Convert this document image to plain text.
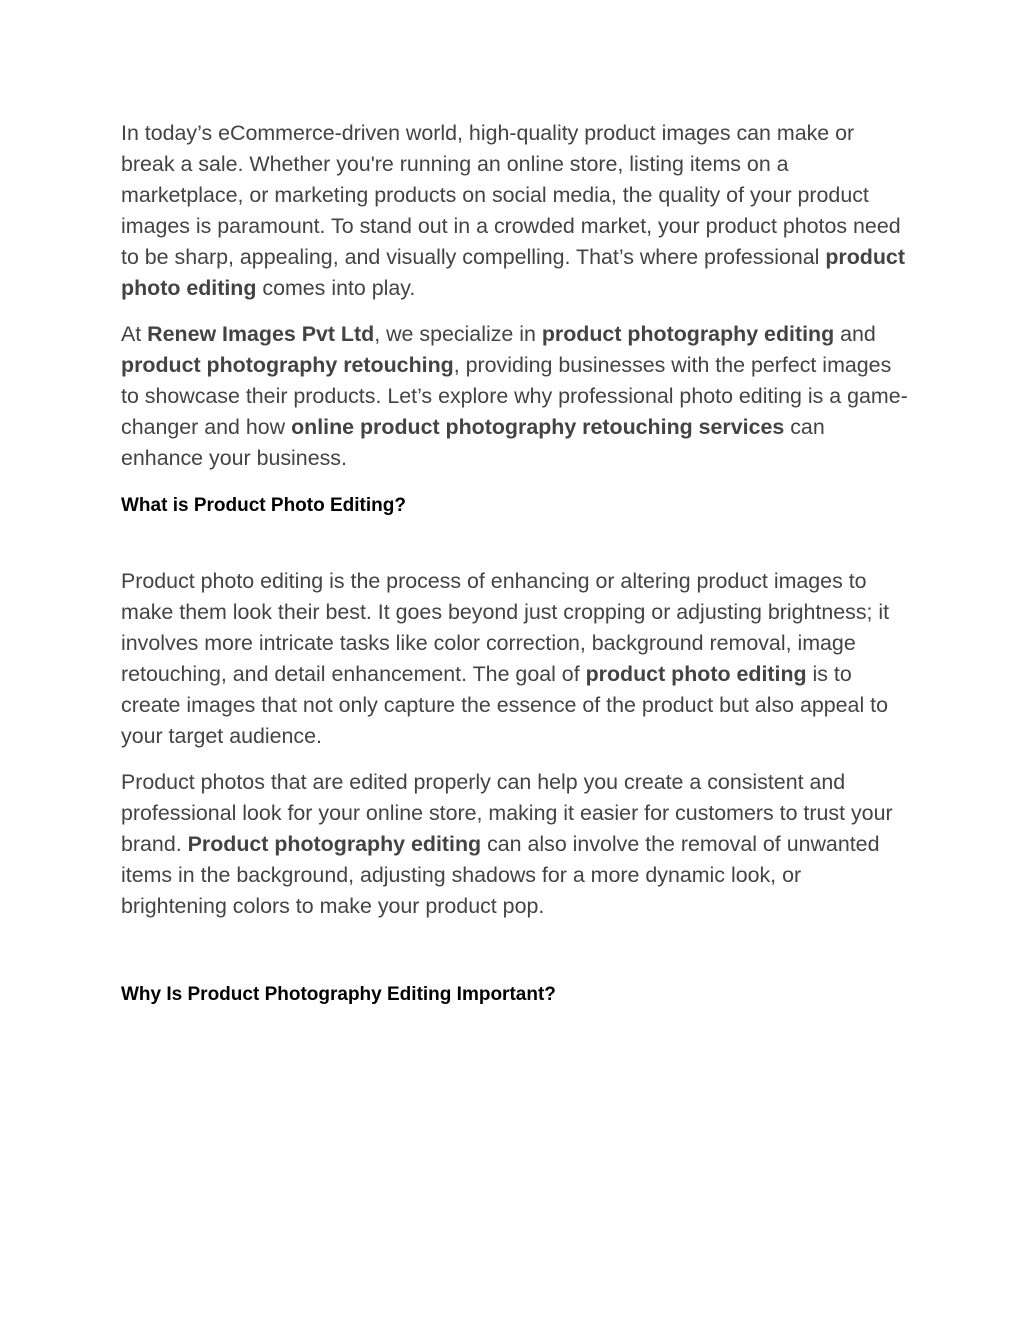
In today’s eCommerce-driven world, high-quality product images can make or break a sale. Whether you're running an online store, listing items on a marketplace, or marketing products on social media, the quality of your product images is paramount. To stand out in a crowded market, your product photos need to be sharp, appealing, and visually compelling. That’s where professional product photo editing comes into play.

At Renew Images Pvt Ltd, we specialize in product photography editing and product photography retouching, providing businesses with the perfect images to showcase their products. Let’s explore why professional photo editing is a game-changer and how online product photography retouching services can enhance your business.

What is Product Photo Editing?

Product photo editing is the process of enhancing or altering product images to make them look their best. It goes beyond just cropping or adjusting brightness; it involves more intricate tasks like color correction, background removal, image retouching, and detail enhancement. The goal of product photo editing is to create images that not only capture the essence of the product but also appeal to your target audience.

Product photos that are edited properly can help you create a consistent and professional look for your online store, making it easier for customers to trust your brand. Product photography editing can also involve the removal of unwanted items in the background, adjusting shadows for a more dynamic look, or brightening colors to make your product pop.

Why Is Product Photography Editing Important?
